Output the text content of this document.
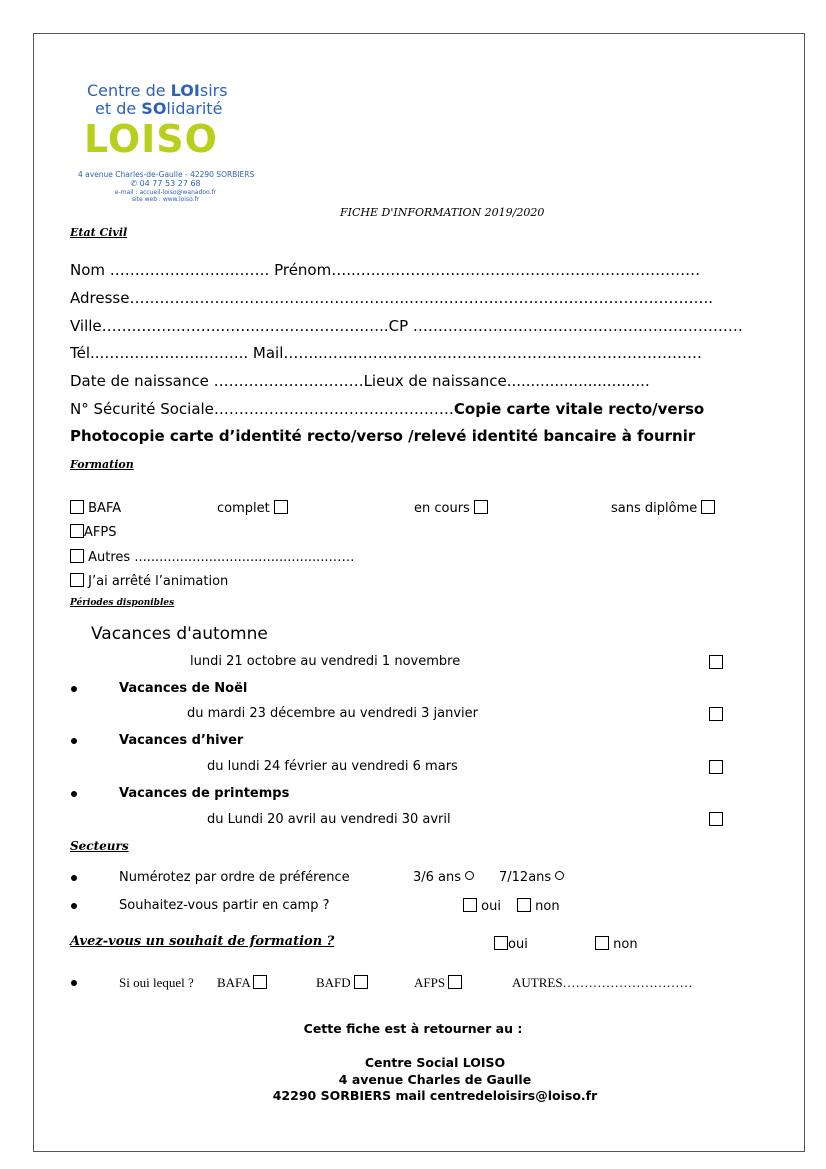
Centre de LOIsirs
et de SOlidarité
LOISO
4 avenue Charles-de-Gaulle - 42290 SORBIERS
✆ 04 77 53 27 68
e-mail : accueil-loiso@wanadoo.fr
site web : www.loiso.fr
FICHE D'INFORMATION 2019/2020
Etat Civil
Nom …………………….……. Prénom…..…..…………….…………………………………………
Adresse……………….……………………………….…….……….……………………………………..
Ville…….….…..……..……..…..…………….…..CP …………………………………………………………
Tél...………………..……... Mail……..…….…….………..……………………………………………
Date de naissance …………………………Lieux de naissance..............................
N° Sécurité Sociale…………………………………………Copie carte vitale recto/verso
Photocopie carte d’identité recto/verso /relevé identité bancaire à fournir
Formation
BAFA	complet	en cours	sans diplôme
AFPS
Autres ...............................................……
J’ai arrêté l’animation
Périodes disponibles
Vacances d'automne
lundi 21 octobre au vendredi 1 novembre
Vacances de Noël
du mardi 23 décembre au vendredi 3 janvier
Vacances d’hiver
du lundi 24 février au vendredi 6 mars
Vacances de printemps
du Lundi 20 avril au vendredi 30 avril
Secteurs
Numérotez par ordre de préférence	3/6 ans	7/12ans
Souhaitez-vous partir en camp ?	oui	non
Avez-vous un souhait de formation ?	oui	non
Si oui lequel ? BAFA	BAFD	AFPS	AUTRES…………………………
Cette fiche est à retourner au :
Centre Social LOISO
4 avenue Charles de Gaulle
42290 SORBIERS mail centredeloisirs@loiso.fr
